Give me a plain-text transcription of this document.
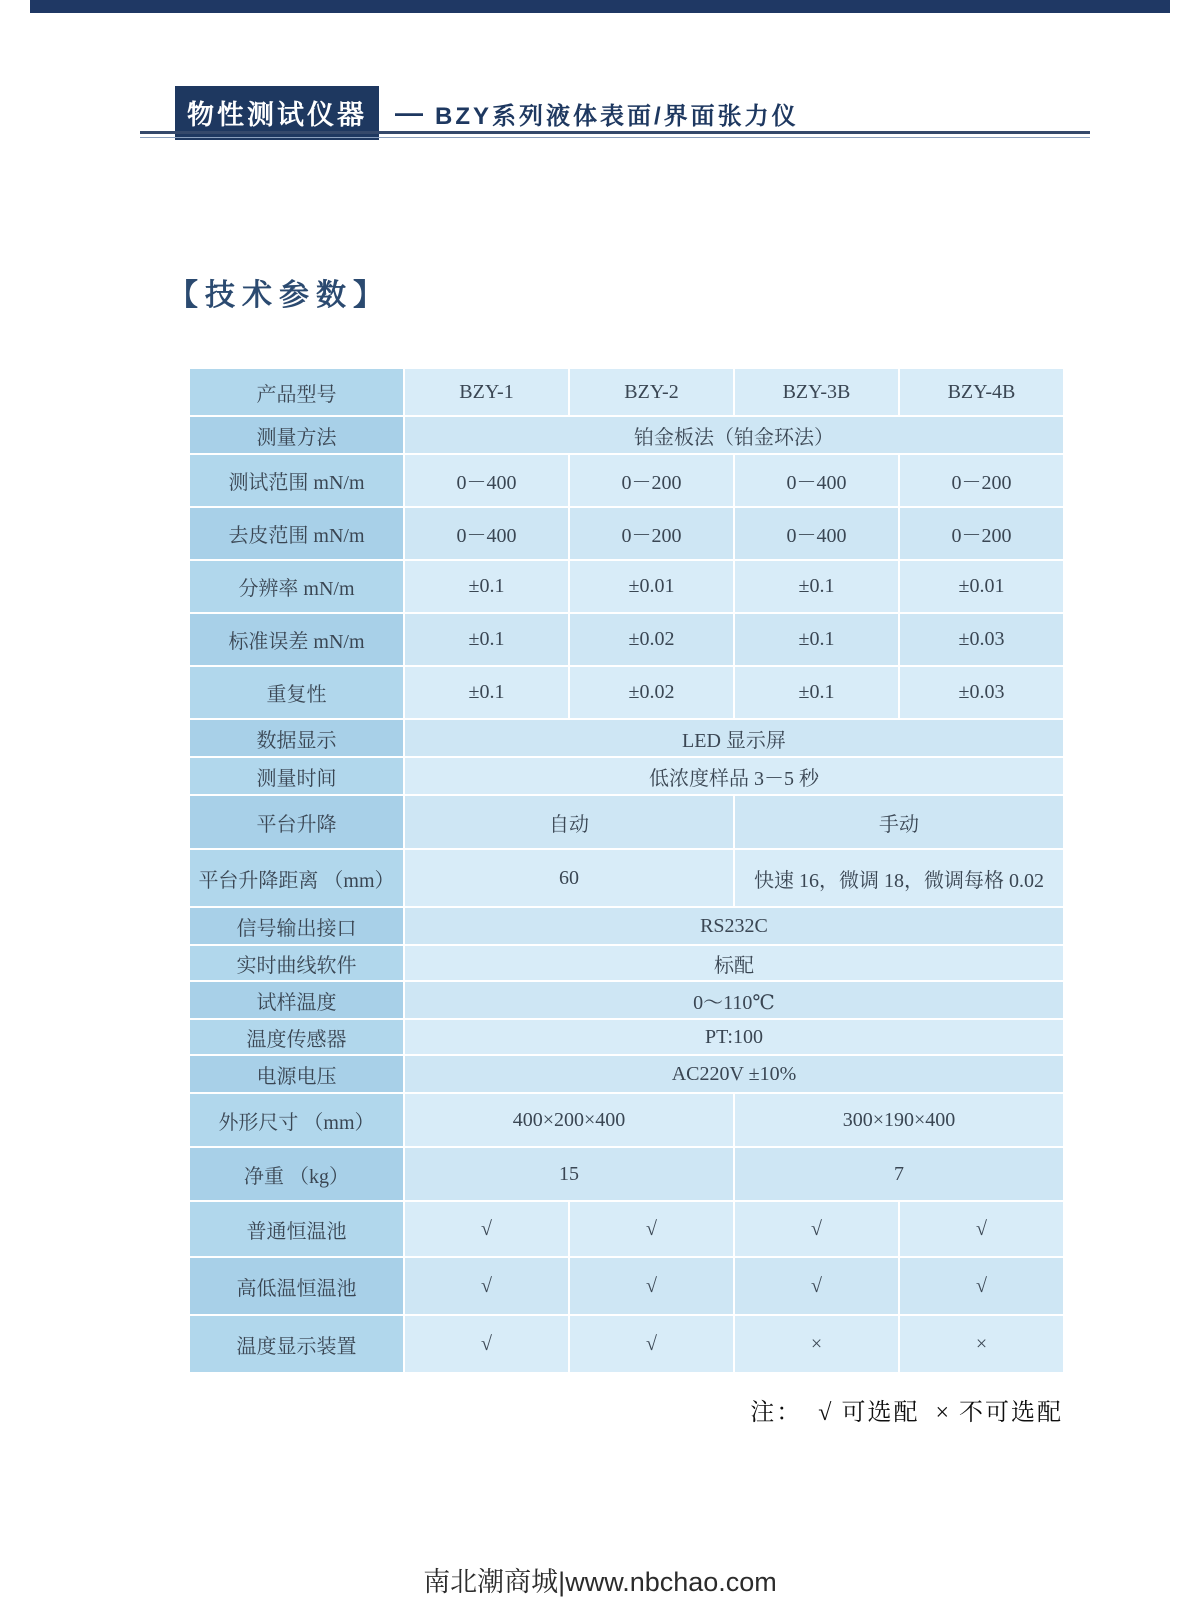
物性测试仪器	— BZY系列液体表面/界面张力仪
【技术参数】
产品型号	BZY-1	BZY-2	BZY-3B	BZY-4B
测量方法	铂金板法（铂金环法）			
测试范围 mN/m	0－400	0－200	0－400	0－200
去皮范围 mN/m	0－400	0－200	0－400	0－200
分辨率 mN/m	±0.1	±0.01	±0.1	±0.01
标准误差 mN/m	±0.1	±0.02	±0.1	±0.03
重复性	±0.1	±0.02	±0.1	±0.03
数据显示	LED 显示屏			
测量时间	低浓度样品 3－5 秒			
平台升降	自动		手动	
平台升降距离 （mm）	60		快速 16，微调 18，微调每格 0.02	
信号输出接口	RS232C			
实时曲线软件	标配			
试样温度	0～110℃			
温度传感器	PT:100			
电源电压	AC220V ±10%			
外形尺寸 （mm）	400×200×400		300×190×400	
净重 （kg）	15		7	
普通恒温池	√	√	√	√
高低温恒温池	√	√	√	√
温度显示装置	√	√	×	×
注：  √ 可选配  × 不可选配
南北潮商城|www.nbchao.com
